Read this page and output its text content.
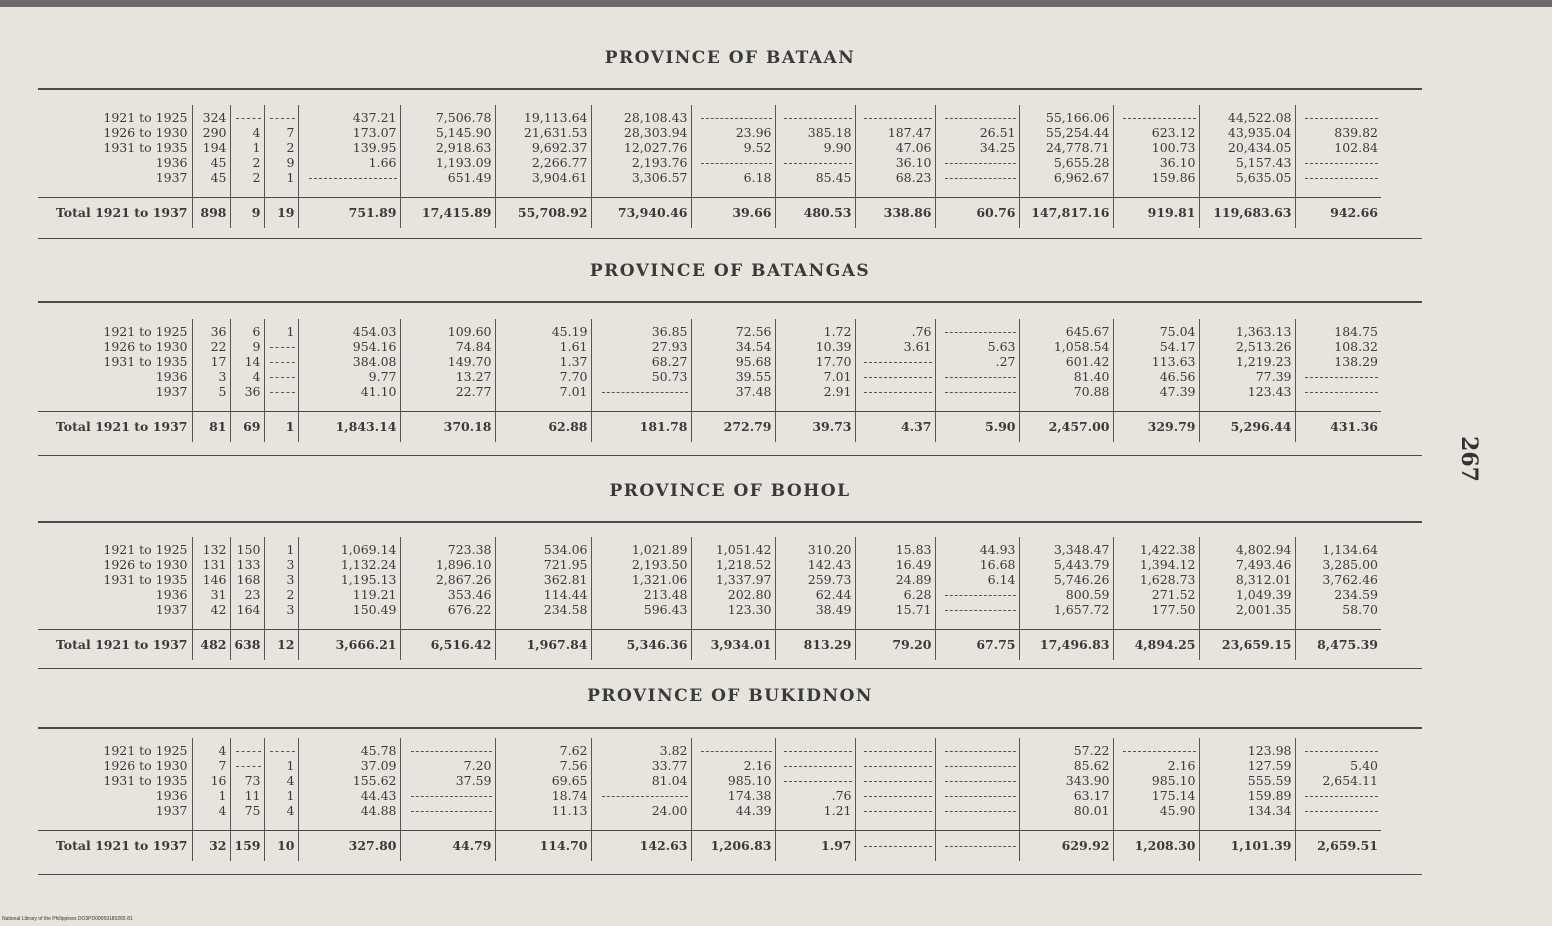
PROVINCE OF BATAAN
1921 to 1925	324			437.21	7,506.78	19,113.64	28,108.43					55,166.06		44,522.08	
1926 to 1930	290	4	7	173.07	5,145.90	21,631.53	28,303.94	23.96	385.18	187.47	26.51	55,254.44	623.12	43,935.04	839.82
1931 to 1935	194	1	2	139.95	2,918.63	9,692.37	12,027.76	9.52	9.90	47.06	34.25	24,778.71	100.73	20,434.05	102.84
1936	45	2	9	1.66	1,193.09	2,266.77	2,193.76			36.10		5,655.28	36.10	5,157.43	
1937	45	2	1		651.49	3,904.61	3,306.57	6.18	85.45	68.23		6,962.67	159.86	5,635.05	
Total 1921 to 1937	898	9	19	751.89	17,415.89	55,708.92	73,940.46	39.66	480.53	338.86	60.76	147,817.16	919.81	119,683.63	942.66
PROVINCE OF BATANGAS
1921 to 1925	36	6	1	454.03	109.60	45.19	36.85	72.56	1.72	.76		645.67	75.04	1,363.13	184.75
1926 to 1930	22	9		954.16	74.84	1.61	27.93	34.54	10.39	3.61	5.63	1,058.54	54.17	2,513.26	108.32
1931 to 1935	17	14		384.08	149.70	1.37	68.27	95.68	17.70		.27	601.42	113.63	1,219.23	138.29
1936	3	4		9.77	13.27	7.70	50.73	39.55	7.01			81.40	46.56	77.39	
1937	5	36		41.10	22.77	7.01		37.48	2.91			70.88	47.39	123.43	
Total 1921 to 1937	81	69	1	1,843.14	370.18	62.88	181.78	272.79	39.73	4.37	5.90	2,457.00	329.79	5,296.44	431.36
PROVINCE OF BOHOL
1921 to 1925	132	150	1	1,069.14	723.38	534.06	1,021.89	1,051.42	310.20	15.83	44.93	3,348.47	1,422.38	4,802.94	1,134.64
1926 to 1930	131	133	3	1,132.24	1,896.10	721.95	2,193.50	1,218.52	142.43	16.49	16.68	5,443.79	1,394.12	7,493.46	3,285.00
1931 to 1935	146	168	3	1,195.13	2,867.26	362.81	1,321.06	1,337.97	259.73	24.89	6.14	5,746.26	1,628.73	8,312.01	3,762.46
1936	31	23	2	119.21	353.46	114.44	213.48	202.80	62.44	6.28		800.59	271.52	1,049.39	234.59
1937	42	164	3	150.49	676.22	234.58	596.43	123.30	38.49	15.71		1,657.72	177.50	2,001.35	58.70
Total 1921 to 1937	482	638	12	3,666.21	6,516.42	1,967.84	5,346.36	3,934.01	813.29	79.20	67.75	17,496.83	4,894.25	23,659.15	8,475.39
PROVINCE OF BUKIDNON
1921 to 1925	4			45.78		7.62	3.82					57.22		123.98	
1926 to 1930	7		1	37.09	7.20	7.56	33.77	2.16				85.62	2.16	127.59	5.40
1931 to 1935	16	73	4	155.62	37.59	69.65	81.04	985.10				343.90	985.10	555.59	2,654.11
1936	1	11	1	44.43		18.74		174.38	.76			63.17	175.14	159.89	
1937	4	75	4	44.88		11.13	24.00	44.39	1.21			80.01	45.90	134.34	
Total 1921 to 1937	32	159	10	327.80	44.79	114.70	142.63	1,206.83	1.97			629.92	1,208.30	1,101.39	2,659.51
267
National Library of the Philippines DO3PD00059180265 81
